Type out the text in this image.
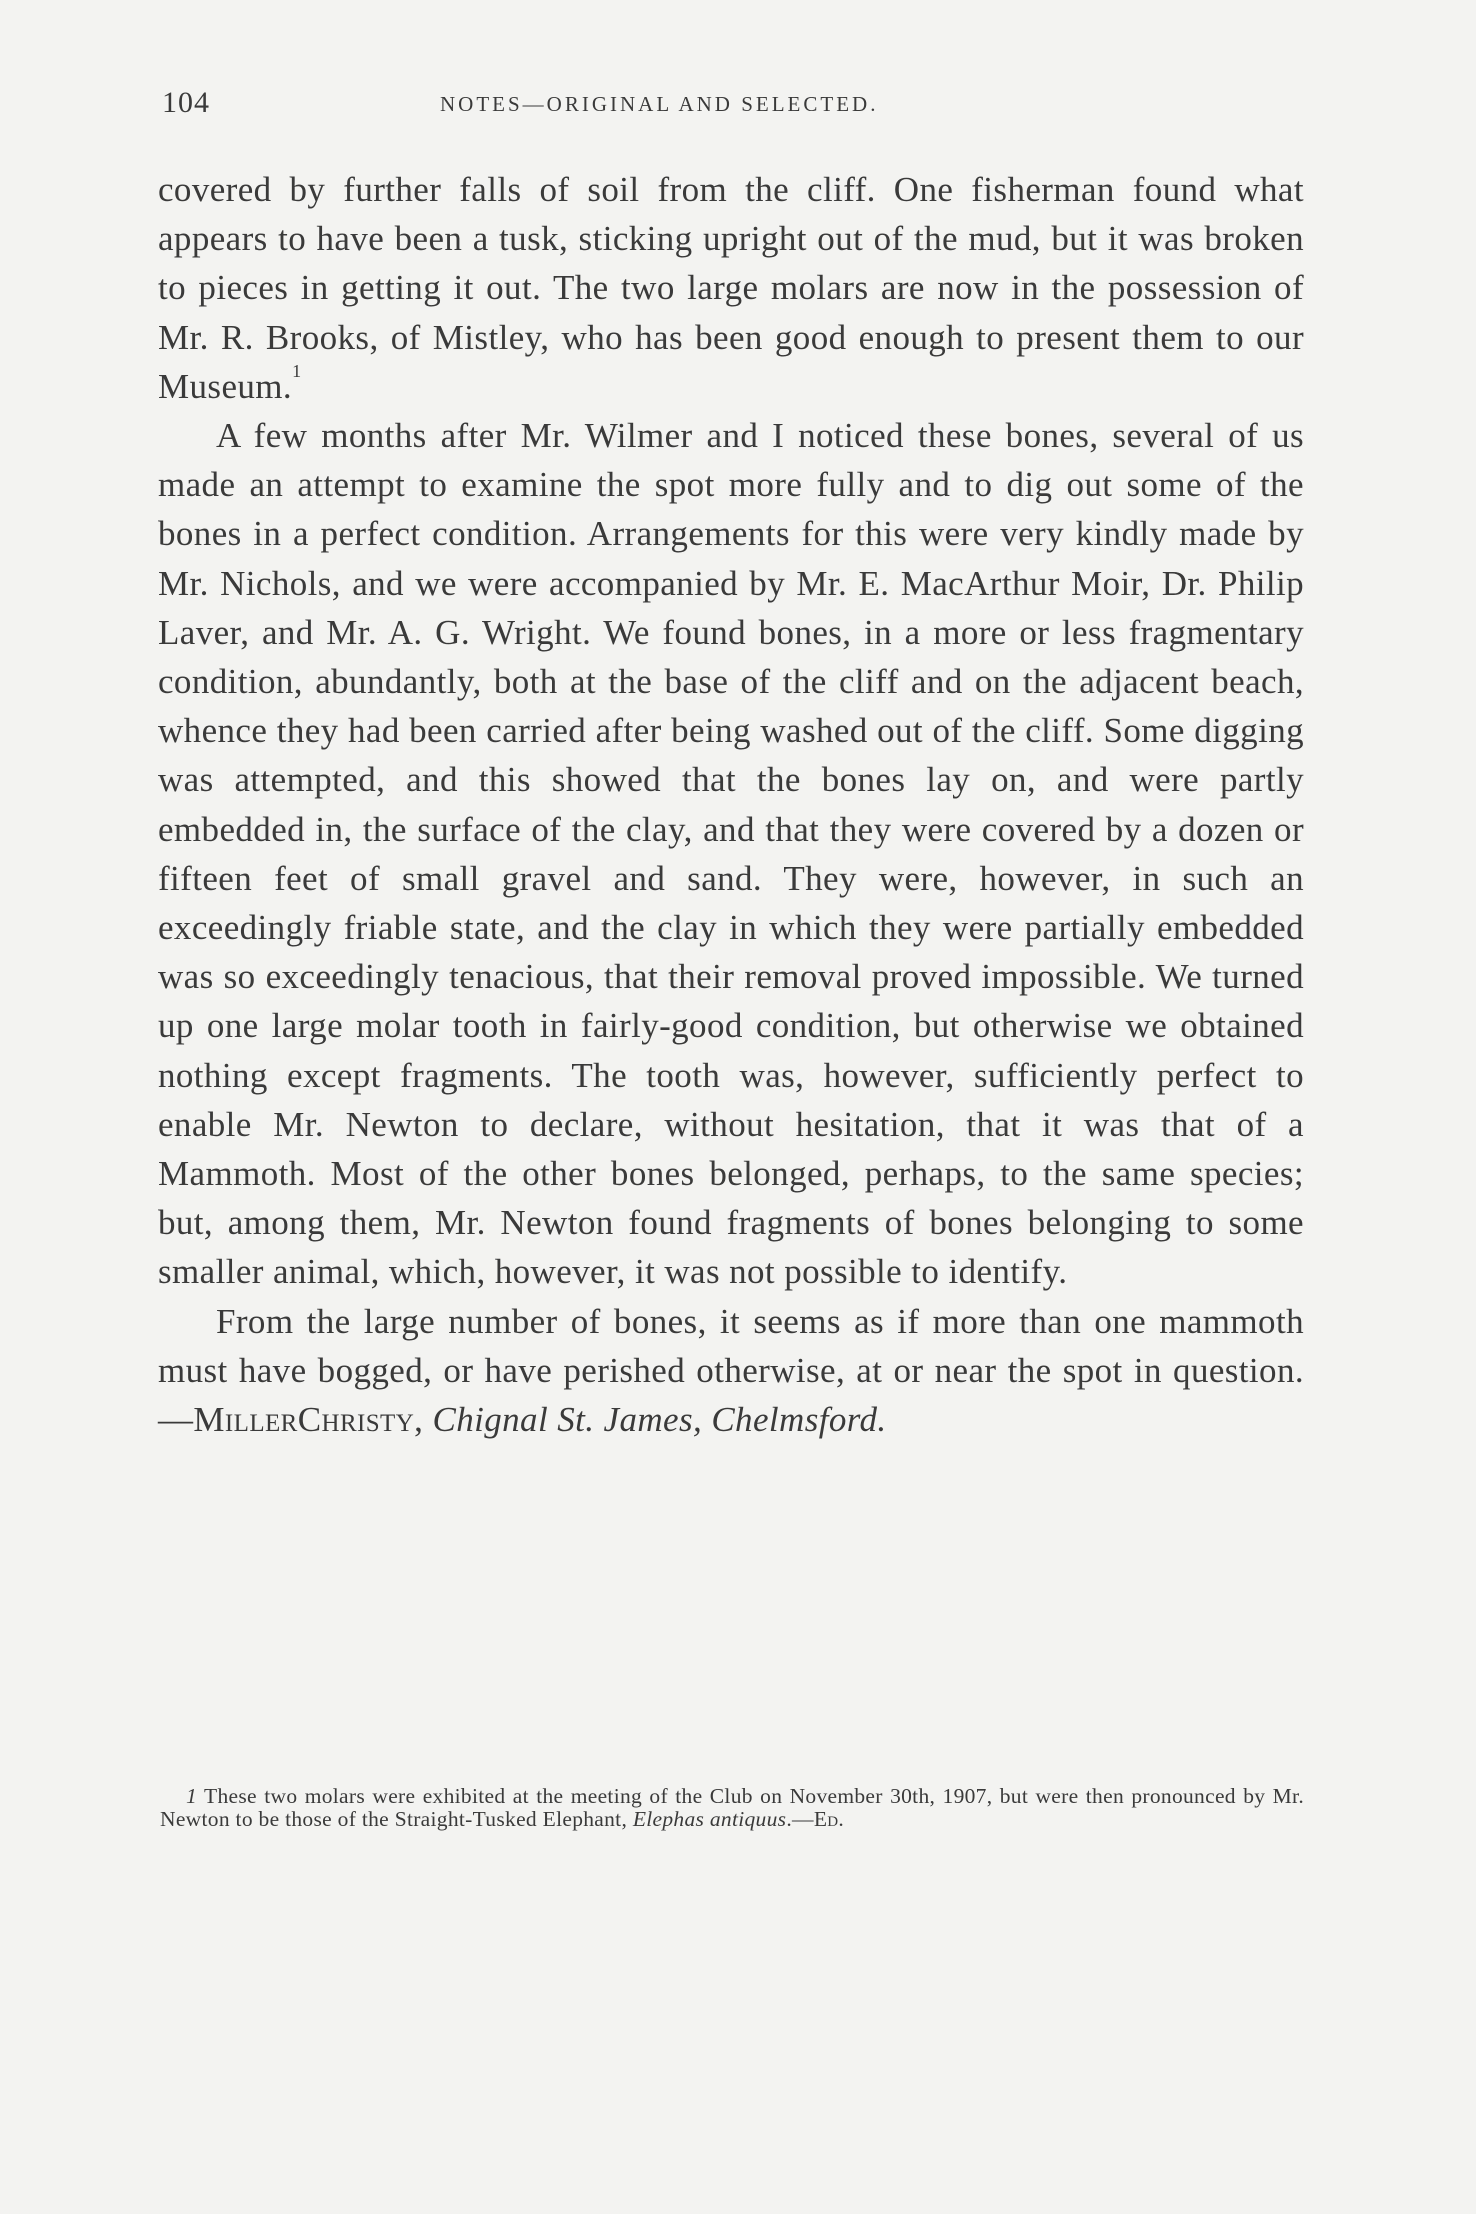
104	NOTES—ORIGINAL AND SELECTED.

covered by further falls of soil from the cliff. One fisherman found what appears to have been a tusk, sticking upright out of the mud, but it was broken to pieces in getting it out. The two large molars are now in the possession of Mr. R. Brooks, of Mistley, who has been good enough to present them to our Museum.$^1$

A few months after Mr. Wilmer and I noticed these bones, several of us made an attempt to examine the spot more fully and to dig out some of the bones in a perfect condition. Arrangements for this were very kindly made by Mr. Nichols, and we were accompanied by Mr. E. MacArthur Moir, Dr. Philip Laver, and Mr. A. G. Wright. We found bones, in a more or less fragmentary condition, abundantly, both at the base of the cliff and on the adjacent beach, whence they had been carried after being washed out of the cliff. Some digging was attempted, and this showed that the bones lay on, and were partly embedded in, the surface of the clay, and that they were covered by a dozen or fifteen feet of small gravel and sand. They were, however, in such an exceedingly friable state, and the clay in which they were partially embedded was so exceedingly tenacious, that their removal proved impossible. We turned up one large molar tooth in fairly-good condition, but otherwise we obtained nothing except fragments. The tooth was, however, sufficiently perfect to enable Mr. Newton to declare, without hesitation, that it was that of a Mammoth. Most of the other bones belonged, perhaps, to the same species; but, among them, Mr. Newton found fragments of bones belonging to some smaller animal, which, however, it was not possible to identify.

From the large number of bones, it seems as if more than one mammoth must have bogged, or have perished otherwise, at or near the spot in question.—MillerChristy, Chignal St. James, Chelmsford.

1 These two molars were exhibited at the meeting of the Club on November 30th, 1907, but were then pronounced by Mr. Newton to be those of the Straight-Tusked Elephant, Elephas antiquus.—Ed.
